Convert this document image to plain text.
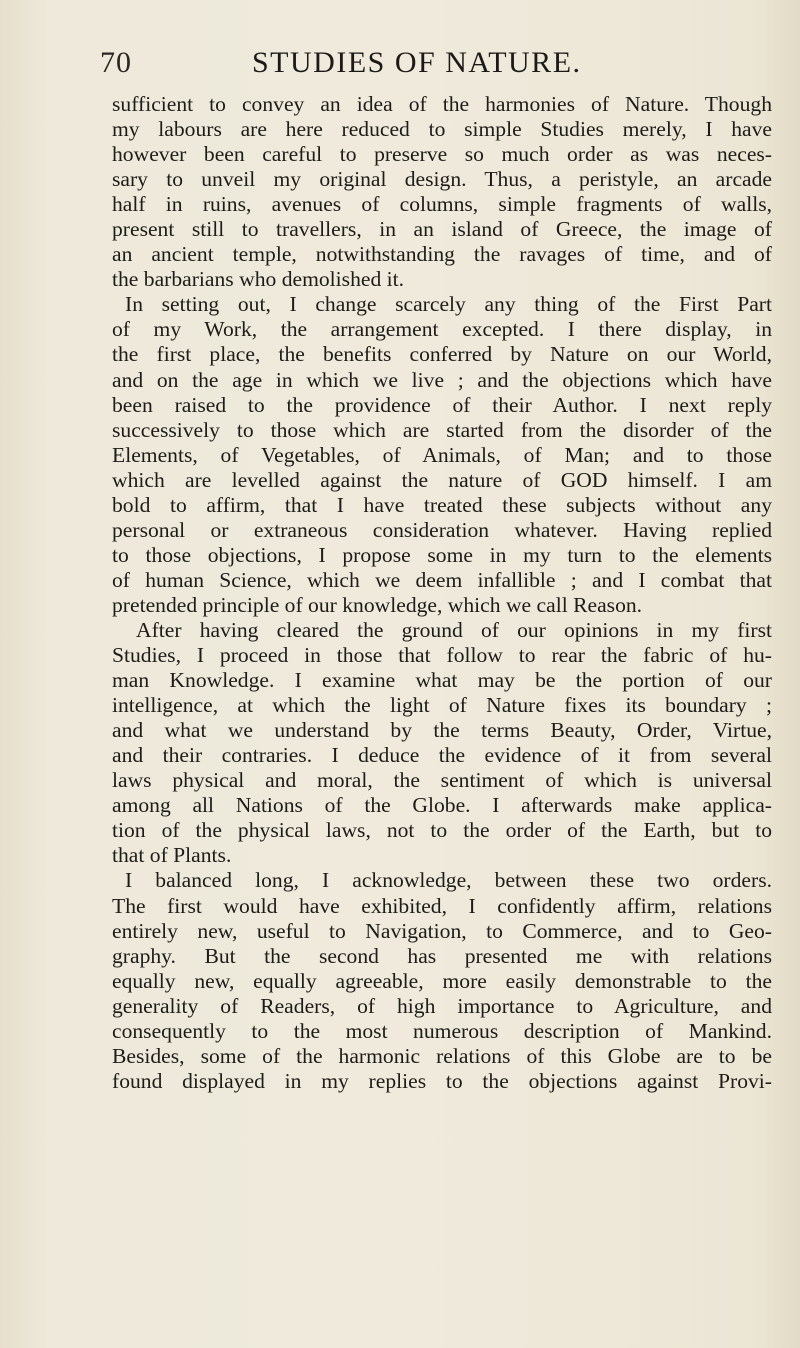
70	STUDIES OF NATURE.
sufficient to convey an idea of the harmonies of Nature. Though
my labours are here reduced to simple Studies merely, I have
however been careful to preserve so much order as was neces-
sary to unveil my original design. Thus, a peristyle, an arcade
half in ruins, avenues of columns, simple fragments of walls,
present still to travellers, in an island of Greece, the image of
an ancient temple, notwithstanding the ravages of time, and of
the barbarians who demolished it.
In setting out, I change scarcely any thing of the First Part
of my Work, the arrangement excepted. I there display, in
the first place, the benefits conferred by Nature on our World,
and on the age in which we live ; and the objections which have
been raised to the providence of their Author. I next reply
successively to those which are started from the disorder of the
Elements, of Vegetables, of Animals, of Man; and to those
which are levelled against the nature of GOD himself. I am
bold to affirm, that I have treated these subjects without any
personal or extraneous consideration whatever. Having replied
to those objections, I propose some in my turn to the elements
of human Science, which we deem infallible ; and I combat that
pretended principle of our knowledge, which we call Reason.
After having cleared the ground of our opinions in my first
Studies, I proceed in those that follow to rear the fabric of hu-
man Knowledge. I examine what may be the portion of our
intelligence, at which the light of Nature fixes its boundary ;
and what we understand by the terms Beauty, Order, Virtue,
and their contraries. I deduce the evidence of it from several
laws physical and moral, the sentiment of which is universal
among all Nations of the Globe. I afterwards make applica-
tion of the physical laws, not to the order of the Earth, but to
that of Plants.
I balanced long, I acknowledge, between these two orders.
The first would have exhibited, I confidently affirm, relations
entirely new, useful to Navigation, to Commerce, and to Geo-
graphy. But the second has presented me with relations
equally new, equally agreeable, more easily demonstrable to the
generality of Readers, of high importance to Agriculture, and
consequently to the most numerous description of Mankind.
Besides, some of the harmonic relations of this Globe are to be
found displayed in my replies to the objections against Provi-
